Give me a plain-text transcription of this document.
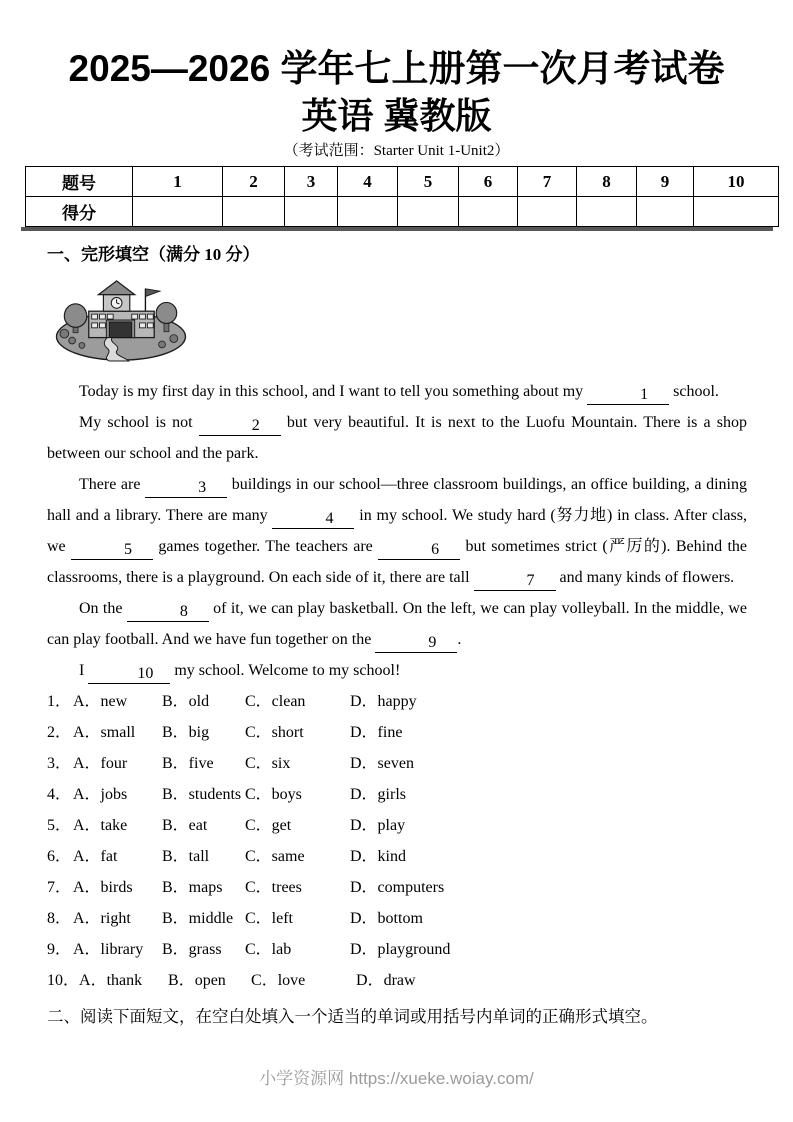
2025—2026 学年七上册第一次月考试卷
英语 冀教版
（考试范围：Starter Unit 1-Unit2）
题号	1	2	3	4	5	6	7	8	9	10
得分										
一、完形填空（满分 10 分）

Today is my first day in this school, and I want to tell you something about my	1 school.

My school is not	2 but very beautiful. It is next to the Luofu Mountain. There is a shop between our school and the park.

There are	3 buildings in our school—three classroom buildings, an office building, a dining hall and a library. There are many	4 in my school. We study hard (努力地) in class. After class, we	5 games together. The teachers are	6 but sometimes strict (严厉的). Behind the classrooms, there is a playground. On each side of it, there are tall	7 and many kinds of flowers.

On the	8 of it, we can play basketball. On the left, we can play volleyball. In the middle, we can play football. And we have fun together on the	9 .

I	10 my school. Welcome to my school!

1． A．new B．old C．clean	D．happy
2． A．small B．big C．short	D．fine
3． A．four B．five C．six	D．seven
4． A．jobs B．students C．boys	D．girls
5． A．take B．eat C．get	D．play
6． A．fat	B．tall C．same	D．kind
7． A．birds B．maps C．trees	D．computers
8． A．right B．middle C．left	D．bottom
9． A．library B．grass C．lab	D．playground
10．A．thank B．open C．love	D．draw
二、阅读下面短文，在空白处填入一个适当的单词或用括号内单词的正确形式填空。
小学资源网 https://xueke.woiay.com/
